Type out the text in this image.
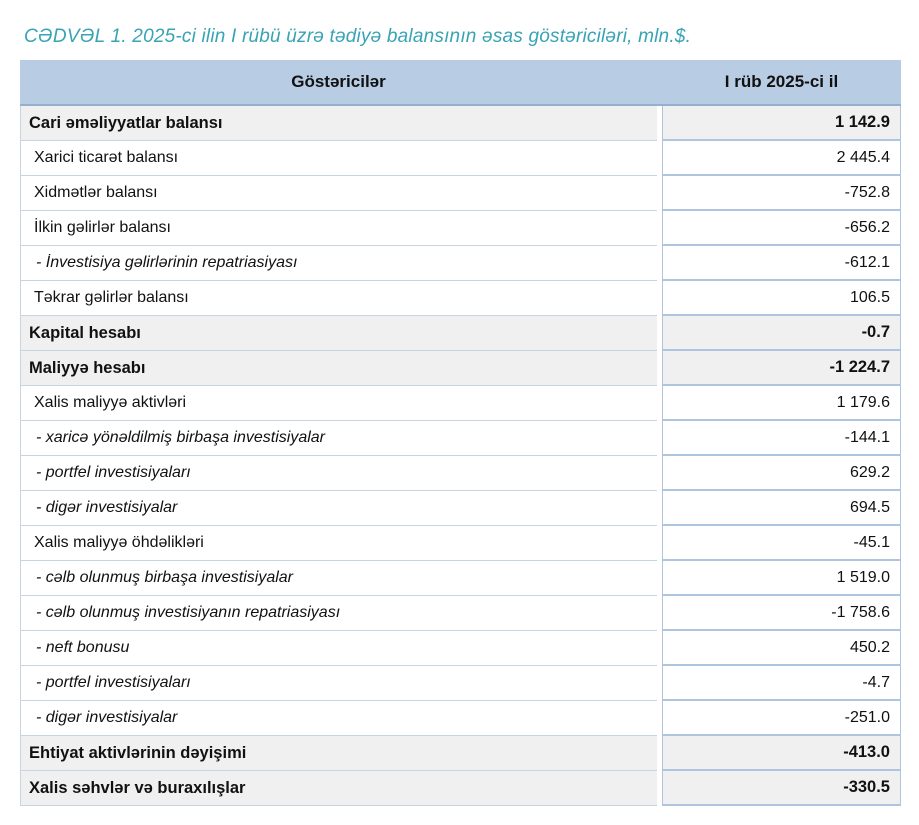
CƏDVƏL 1. 2025-ci ilin I rübü üzrə tədiyə balansının əsas göstəriciləri, mln.$.
Göstəricilər	I rüb 2025-ci il
Cari əməliyyatlar balansı	1 142.9
Xarici ticarət balansı	2 445.4
Xidmətlər balansı	-752.8
İlkin gəlirlər balansı	-656.2
- İnvestisiya gəlirlərinin repatriasiyası	-612.1
Təkrar gəlirlər balansı	106.5
Kapital hesabı	-0.7
Maliyyə hesabı	-1 224.7
Xalis maliyyə aktivləri	1 179.6
- xaricə yönəldilmiş birbaşa investisiyalar	-144.1
- portfel investisiyaları	629.2
- digər investisiyalar	694.5
Xalis maliyyə öhdəlikləri	-45.1
- cəlb olunmuş birbaşa investisiyalar	1 519.0
- cəlb olunmuş investisiyanın repatriasiyası	-1 758.6
- neft bonusu	450.2
- portfel investisiyaları	-4.7
- digər investisiyalar	-251.0
Ehtiyat aktivlərinin dəyişimi	-413.0
Xalis səhvlər və buraxılışlar	-330.5
